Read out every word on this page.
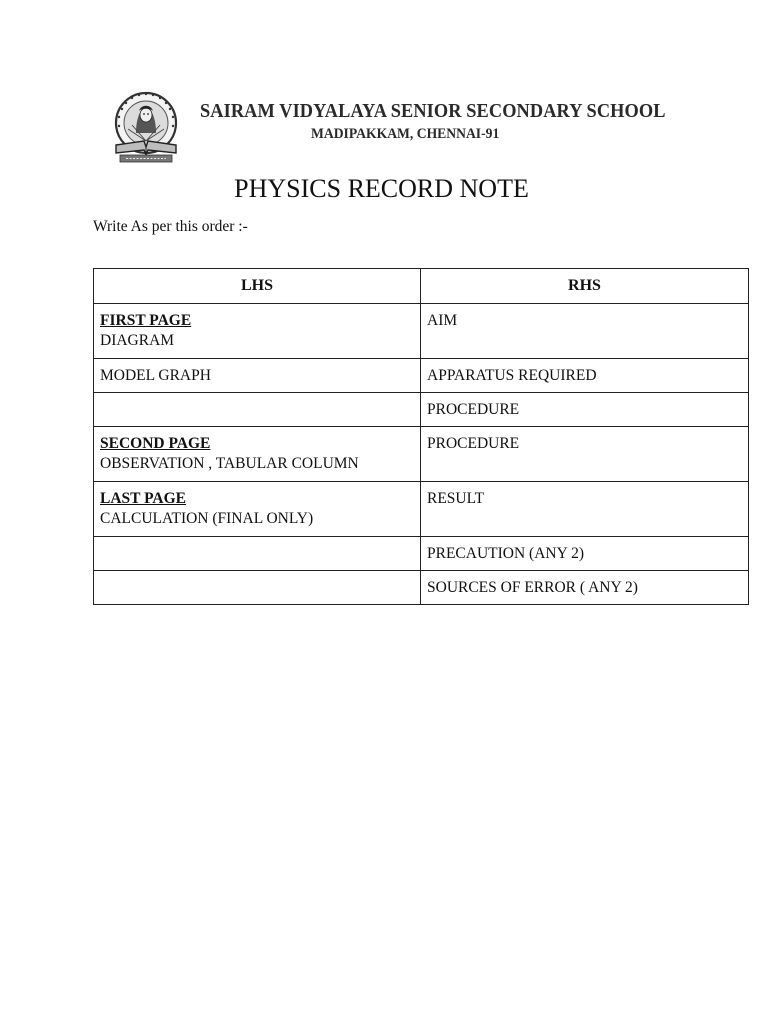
SAIRAM VIDYALAYA SENIOR SECONDARY SCHOOL
MADIPAKKAM, CHENNAI-91
PHYSICS RECORD NOTE
Write As per this order :-
LHS	RHS

FIRST PAGE
DIAGRAM	AIM

MODEL GRAPH	APPARATUS REQUIRED

	PROCEDURE

SECOND PAGE
OBSERVATION , TABULAR COLUMN	PROCEDURE

LAST PAGE
CALCULATION (FINAL ONLY)	RESULT

	PRECAUTION (ANY 2)

	SOURCES OF ERROR ( ANY 2)
